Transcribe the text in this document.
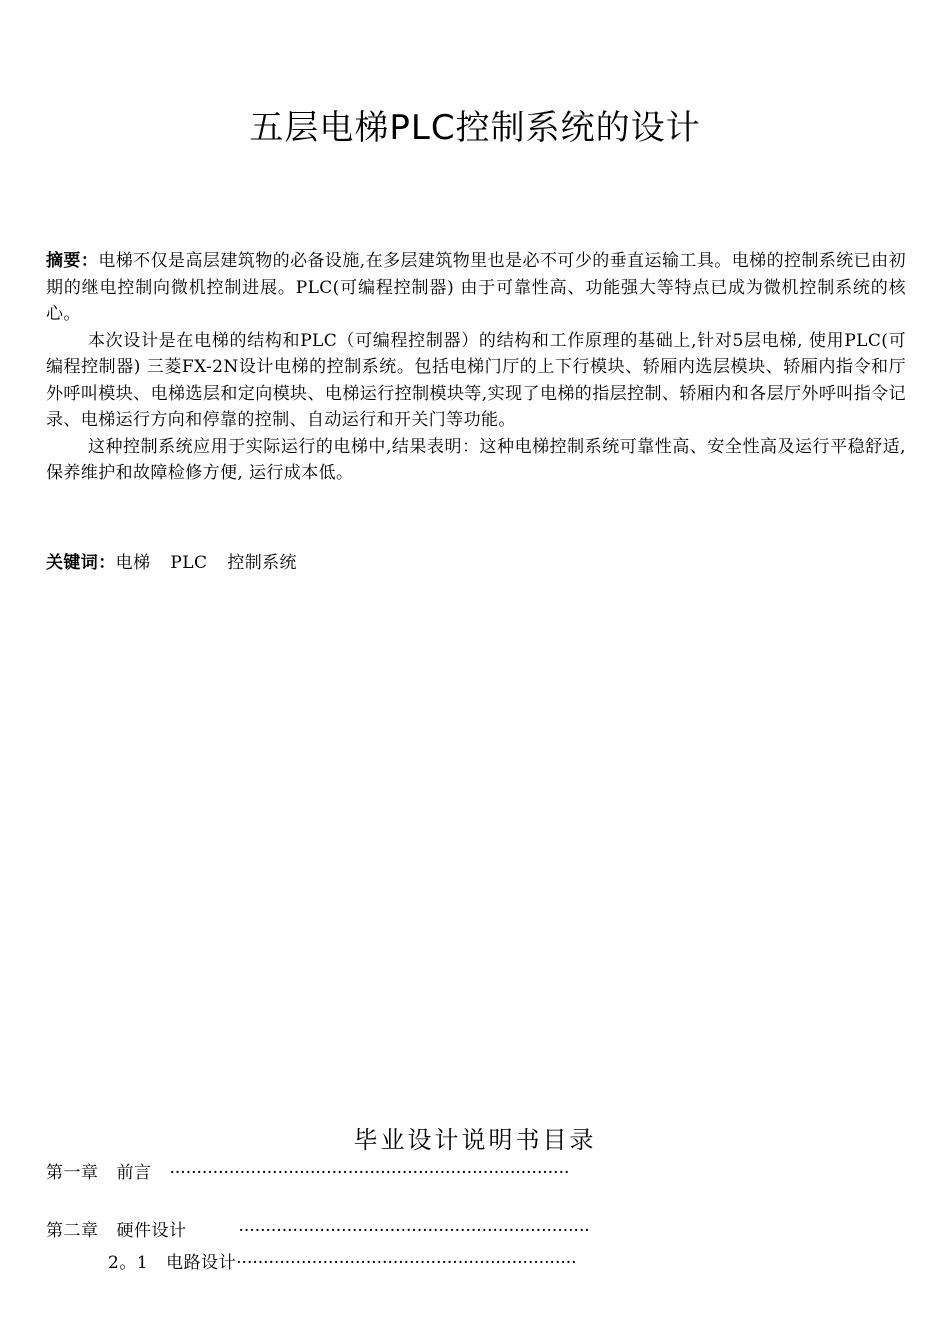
五层电梯PLC控制系统的设计

摘要：电梯不仅是高层建筑物的必备设施,在多层建筑物里也是必不可少的垂直运输工具。电梯的控制系统已由初期的继电控制向微机控制进展。PLC(可编程控制器) 由于可靠性高、功能强大等特点已成为微机控制系统的核心。

本次设计是在电梯的结构和PLC（可编程控制器）的结构和工作原理的基础上,针对5层电梯, 使用PLC(可编程控制器) 三菱FX-2N设计电梯的控制系统。包括电梯门厅的上下行模块、轿厢内选层模块、轿厢内指令和厅外呼叫模块、电梯选层和定向模块、电梯运行控制模块等,实现了电梯的指层控制、轿厢内和各层厅外呼叫指令记录、电梯运行方向和停靠的控制、自动运行和开关门等功能。

这种控制系统应用于实际运行的电梯中,结果表明：这种电梯控制系统可靠性高、安全性高及运行平稳舒适, 保养维护和故障检修方便, 运行成本低。

关键词：电梯 PLC 控制系统
毕业设计说明书目录
第一章 前言 ··········································································
第二章 硬件设计	·································································
2。1 电路设计·······························································
